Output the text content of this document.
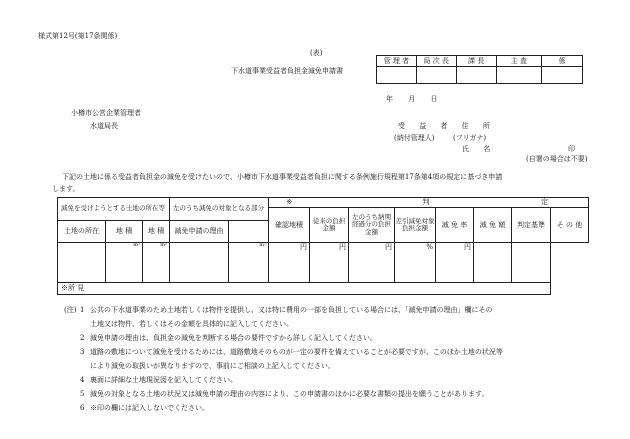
様式第12号(第17条関係)
(表)
下水道事業受益者負担金減免申請書
管 理 者	局 次 長	課 長	主 査	係

年 月 日
小樽市公営企業管理者
水道局長	受 益 者 住 所
(納付管理人)	(フリガナ)
氏 名	印
(自署の場合は不要)
下記の土地に係る受益者負担金の減免を受けたいので、小樽市下水道事業受益者負担に関する条例施行規程第17条第4項の規定に基づき申請
します。
減免を受けようとする土地の所在等			左のうち減免の対象となる部分		※	判			定			
					確認地積	従来の負担金額	左のうち納期経過分の負担金額	差引減免対象負担金額	減 免 率	減 免 額	判定基準	そ の 他
土地の所在	地 積	地 積	減免申請の理由									
	$^{m^2}$	$^{m^2}$		$^{m^2}$	円	円	円	%	円			
※所 見												
(注) 1 公共の下水道事業のため土地若しくは物件を提供し、又は特に費用の一部を負担している場合には、「減免申請の理由」欄にその
土地又は物件、若しくはその金額を具体的に記入してください。
2 減免申請の理由は、負担金の減免を判断する場合の要件ですから詳しく記入してください。
3 道路の敷地について減免を受けるためには、道路敷地そのものが一定の要件を備えていることが必要ですが、このほか土地の状況等
により減免の取扱いが異なりますので、事前にご相談の上記入してください。
4 裏面に詳細な土地現況図を記入してください。
5 減免の対象となる土地の状況又は減免申請の理由の内容により、この申請書のほかに必要な書類の提出を願うことがあります。
6 ※印の欄には記入しないでください。
